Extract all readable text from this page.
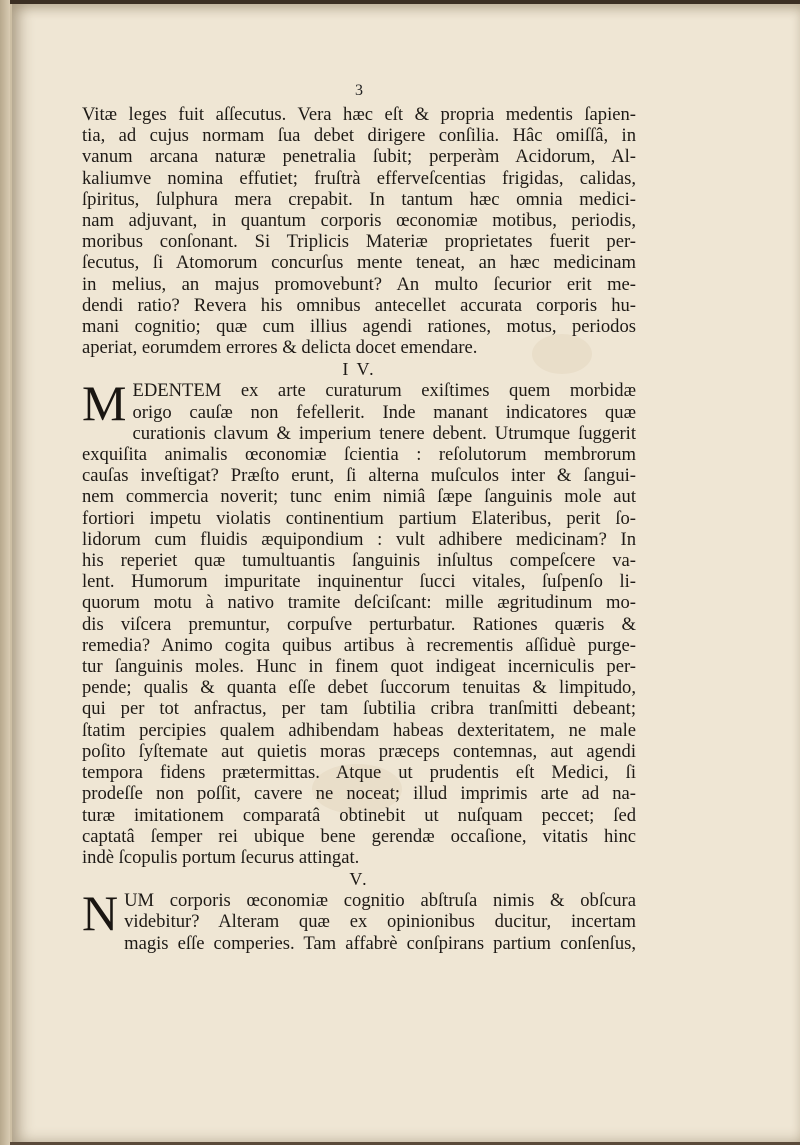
3
Vitæ leges fuit aſſecutus. Vera hæc eſt & propria medentis ſapien-
tia, ad cujus normam ſua debet dirigere conſilia. Hâc omiſſâ, in
vanum arcana naturæ penetralia ſubit; perperàm Acidorum, Al-
kaliumve nomina effutiet; fruſtrà efferveſcentias frigidas, calidas,
ſpiritus, ſulphura mera crepabit. In tantum hæc omnia medici-
nam adjuvant, in quantum corporis œconomiæ motibus, periodis,
moribus conſonant. Si Triplicis Materiæ proprietates fuerit per-
ſecutus, ſi Atomorum concurſus mente teneat, an hæc medicinam
in melius, an majus promovebunt? An multo ſecurior erit me-
dendi ratio? Revera his omnibus antecellet accurata corporis hu-
mani cognitio; quæ cum illius agendi rationes, motus, periodos
aperiat, eorumdem errores & delicta docet emendare.
I V.
M EDENTEM ex arte curaturum exiſtimes quem morbidæ
origo cauſæ non fefellerit. Inde manant indicatores quæ
curationis clavum & imperium tenere debent. Utrumque ſuggerit
exquiſita animalis œconomiæ ſcientia : reſolutorum membrorum
cauſas inveſtigat? Præſto erunt, ſi alterna muſculos inter & ſangui-
nem commercia noverit; tunc enim nimiâ ſæpe ſanguinis mole aut
fortiori impetu violatis continentium partium Elateribus, perit ſo-
lidorum cum fluidis æquipondium : vult adhibere medicinam? In
his reperiet quæ tumultuantis ſanguinis inſultus compeſcere va-
lent. Humorum impuritate inquinentur ſucci vitales, ſuſpenſo li-
quorum motu à nativo tramite deſciſcant: mille ægritudinum mo-
dis viſcera premuntur, corpuſve perturbatur. Rationes quæris &
remedia? Animo cogita quibus artibus à recrementis aſſiduè purge-
tur ſanguinis moles. Hunc in finem quot indigeat incerniculis per-
pende; qualis & quanta eſſe debet ſuccorum tenuitas & limpitudo,
qui per tot anfractus, per tam ſubtilia cribra tranſmitti debeant;
ſtatim percipies qualem adhibendam habeas dexteritatem, ne male
poſito ſyſtemate aut quietis moras præceps contemnas, aut agendi
tempora fidens prætermittas. Atque ut prudentis eſt Medici, ſi
prodeſſe non poſſit, cavere ne noceat; illud imprimis arte ad na-
turæ imitationem comparatâ obtinebit ut nuſquam peccet; ſed
captatâ ſemper rei ubique bene gerendæ occaſione, vitatis hinc
indè ſcopulis portum ſecurus attingat.
V.
N UM corporis œconomiæ cognitio abſtruſa nimis & obſcura
videbitur? Alteram quæ ex opinionibus ducitur, incertam
magis eſſe comperies. Tam affabrè conſpirans partium conſenſus,
